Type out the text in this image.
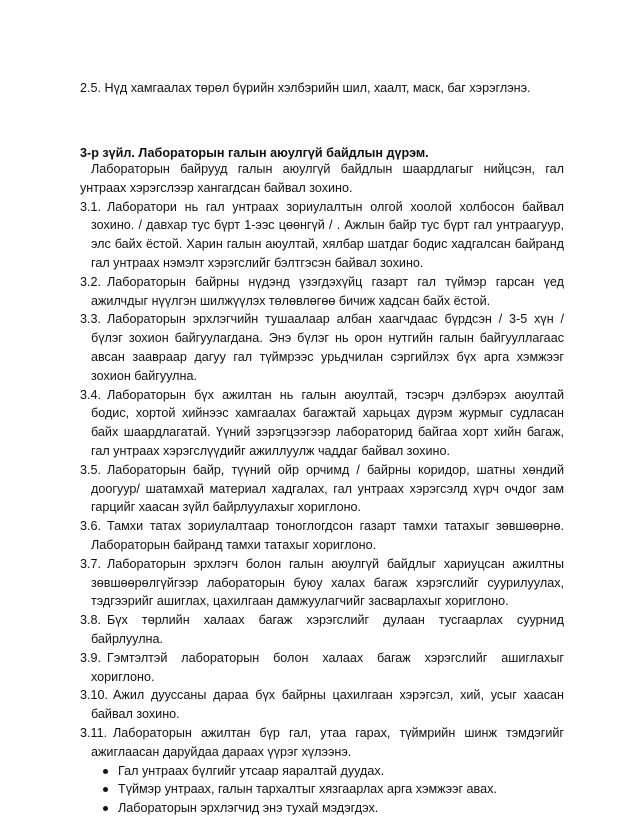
2.5. Нүд хамгаалах төрөл бүрийн хэлбэрийн шил, хаалт, маск, баг хэрэглэнэ.
3-р зүйл. Лабораторын галын аюулгүй байдлын дүрэм.

Лабораторын байрууд галын аюулгүй байдлын шаардлагыг нийцсэн, гал унтраах хэрэгслээр хангагдсан байвал зохино.

3.1. Лаборатори нь гал унтраах зориулалтын олгой хоолой холбосон байвал зохино. / давхар тус бүрт 1-ээс цөөнгүй / . Ажлын байр тус бүрт гал унтраагуур, элс байх ёстой. Харин галын аюултай, хялбар шатдаг бодис хадгалсан байранд гал унтраах нэмэлт хэрэгслийг бэлтгэсэн байвал зохино.
3.2. Лабораторын байрны нүдэнд үзэгдэхүйц газарт гал түймэр гарсан үед ажилчдыг нүүлгэн шилжүүлэх төлөвлөгөө бичиж хадсан байх ёстой.
3.3. Лабораторын эрхлэгчийн тушаалаар албан хаагчдаас бүрдсэн / 3-5 хүн / бүлэг зохион байгуулагдана. Энэ бүлэг нь орон нутгийн галын байгууллагаас авсан заавраар дагуу гал түймрээс урьдчилан сэргийлэх бүх арга хэмжээг зохион байгуулна.
3.4. Лабораторын бүх ажилтан нь галын аюултай, тэсэрч дэлбэрэх аюултай бодис, хортой хийнээс хамгаалах багажтай харьцах дүрэм журмыг судласан байх шаардлагатай. Үүний зэрэгцээгээр лабораторид байгаа хорт хийн багаж, гал унтраах хэрэгслүүдийг ажиллуулж чаддаг байвал зохино.
3.5. Лабораторын байр, түүний ойр орчимд / байрны коридор, шатны хөндий доогуур/ шатамхай материал хадгалах, гал унтраах хэрэгсэлд хүрч очдог зам гарцийг хаасан зүйл байрлуулахыг хориглоно.
3.6. Тамхи татах зориулалтаар тоноглогдсон газарт тамхи татахыг зөвшөөрнө. Лабораторын байранд тамхи татахыг хориглоно.
3.7. Лабораторын эрхлэгч болон галын аюулгүй байдлыг хариуцсан ажилтны зөвшөөрөлгүйгээр лабораторын буюу халах багаж хэрэгслийг суурилуулах, тэдгээрийг ашиглах, цахилгаан дамжуулагчийг засварлахыг хориглоно.
3.8. Бүх төрлийн халаах багаж хэрэгслийг дулаан тусгаарлах суурнид байрлуулна.
3.9. Гэмтэлтэй лабораторын болон халаах багаж хэрэгслийг ашиглахыг хориглоно.
3.10. Ажил дууссаны дараа бүх байрны цахилгаан хэрэгсэл, хий, усыг хаасан байвал зохино.
3.11. Лабораторын ажилтан бүр гал, утаа гарах, түймрийн шинж тэмдэгийг ажиглаасан даруйдаа дараах үүрэг хүлээнэ.
Гал унтраах бүлгийг утсаар яаралтай дуудах.
Түймэр унтраах, галын тархалтыг хязгаарлах арга хэмжээг авах.
Лабораторын эрхлэгчид энэ тухай мэдэгдэх.
